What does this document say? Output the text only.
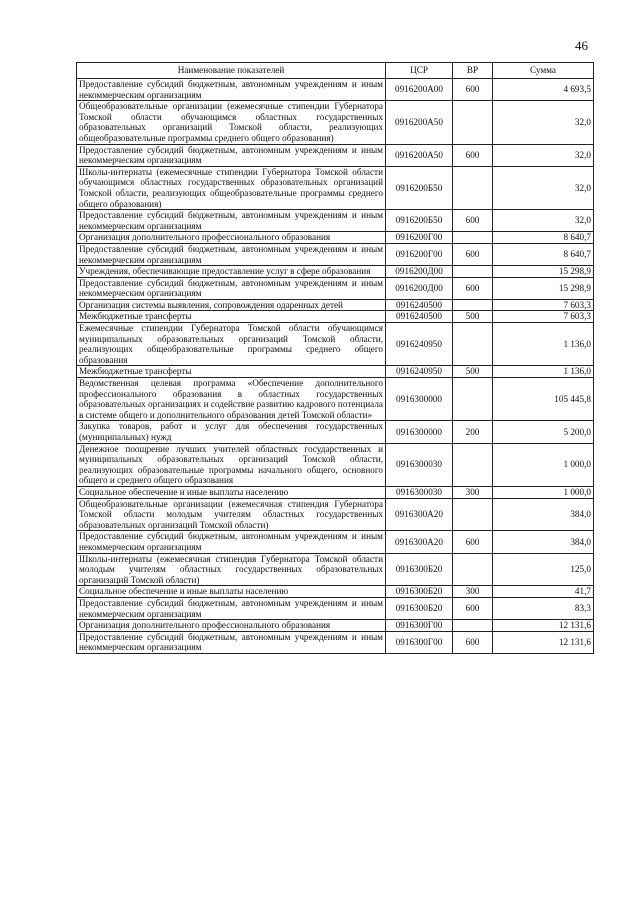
46
Наименование показателей	ЦСР	ВР	Сумма
Предоставление субсидий бюджетным, автономным учреждениям и иным некоммерческим организациям	0916200А00	600	4 693,5
Общеобразовательные организации (ежемесячные стипендии Губернатора Томской области обучающимся областных государственных образовательных организаций Томской области, реализующих общеобразовательные программы среднего общего образования)	0916200А50		32,0
Предоставление субсидий бюджетным, автономным учреждениям и иным некоммерческим организациям	0916200А50	600	32,0
Школы-интернаты (ежемесячные стипендии Губернатора Томской области обучающимся областных государственных образовательных организаций Томской области, реализующих общеобразовательные программы среднего общего образования)	0916200Б50		32,0
Предоставление субсидий бюджетным, автономным учреждениям и иным некоммерческим организациям	0916200Б50	600	32,0
Организация дополнительного профессионального образования	0916200Г00		8 640,7
Предоставление субсидий бюджетным, автономным учреждениям и иным некоммерческим организациям	0916200Г00	600	8 640,7
Учреждения, обеспечивающие предоставление услуг в сфере образования	0916200Д00		15 298,9
Предоставление субсидий бюджетным, автономным учреждениям и иным некоммерческим организациям	0916200Д00	600	15 298,9
Организация системы выявления, сопровождения одаренных детей	0916240500		7 603,3
Межбюджетные трансферты	0916240500	500	7 603,3
Ежемесячные стипендии Губернатора Томской области обучающимся муниципальных образовательных организаций Томской области, реализующих общеобразовательные программы среднего общего образования	0916240950		1 136,0
Межбюджетные трансферты	0916240950	500	1 136,0
Ведомственная целевая программа «Обеспечение дополнительного профессионального образования в областных государственных образовательных организациях и содействие развитию кадрового потенциала в системе общего и дополнительного образования детей Томской области»	0916300000		105 445,8
Закупка товаров, работ и услуг для обеспечения государственных (муниципальных) нужд	0916300000	200	5 200,0
Денежное поощрение лучших учителей областных государственных и муниципальных образовательных организаций Томской области, реализующих образовательные программы начального общего, основного общего и среднего общего образования	0916300030		1 000,0
Социальное обеспечение и иные выплаты населению	0916300030	300	1 000,0
Общеобразовательные организации (ежемесячная стипендия Губернатора Томской области молодым учителям областных государственных образовательных организаций Томской области)	0916300А20		384,0
Предоставление субсидий бюджетным, автономным учреждениям и иным некоммерческим организациям	0916300А20	600	384,0
Школы-интернаты (ежемесячная стипендия Губернатора Томской области молодым учителям областных государственных образовательных организаций Томской области)	0916300Б20		125,0
Социальное обеспечение и иные выплаты населению	0916300Б20	300	41,7
Предоставление субсидий бюджетным, автономным учреждениям и иным некоммерческим организациям	0916300Б20	600	83,3
Организация дополнительного профессионального образования	0916300Г00		12 131,6
Предоставление субсидий бюджетным, автономным учреждениям и иным некоммерческим организациям	0916300Г00	600	12 131,6
